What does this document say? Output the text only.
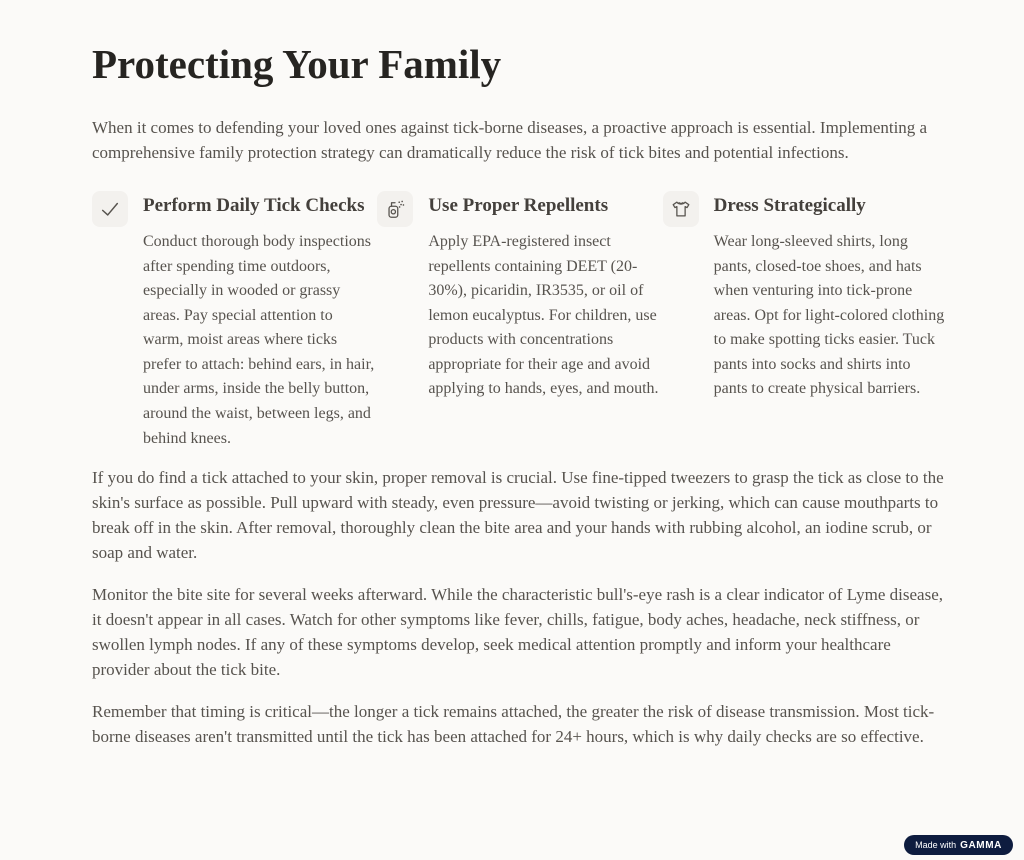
Protecting Your Family

When it comes to defending your loved ones against tick-borne diseases, a proactive approach is essential. Implementing a comprehensive family protection strategy can dramatically reduce the risk of tick bites and potential infections.

Perform Daily Tick Checks

Conduct thorough body inspections after spending time outdoors, especially in wooded or grassy areas. Pay special attention to warm, moist areas where ticks prefer to attach: behind ears, in hair, under arms, inside the belly button, around the waist, between legs, and behind knees.

Use Proper Repellents

Apply EPA-registered insect repellents containing DEET (20-30%), picaridin, IR3535, or oil of lemon eucalyptus. For children, use products with concentrations appropriate for their age and avoid applying to hands, eyes, and mouth.

Dress Strategically

Wear long-sleeved shirts, long pants, closed-toe shoes, and hats when venturing into tick-prone areas. Opt for light-colored clothing to make spotting ticks easier. Tuck pants into socks and shirts into pants to create physical barriers.

If you do find a tick attached to your skin, proper removal is crucial. Use fine-tipped tweezers to grasp the tick as close to the skin's surface as possible. Pull upward with steady, even pressure—avoid twisting or jerking, which can cause mouthparts to break off in the skin. After removal, thoroughly clean the bite area and your hands with rubbing alcohol, an iodine scrub, or soap and water.

Monitor the bite site for several weeks afterward. While the characteristic bull's-eye rash is a clear indicator of Lyme disease, it doesn't appear in all cases. Watch for other symptoms like fever, chills, fatigue, body aches, headache, neck stiffness, or swollen lymph nodes. If any of these symptoms develop, seek medical attention promptly and inform your healthcare provider about the tick bite.

Remember that timing is critical—the longer a tick remains attached, the greater the risk of disease transmission. Most tick-borne diseases aren't transmitted until the tick has been attached for 24+ hours, which is why daily checks are so effective.

Made with GAMMA
